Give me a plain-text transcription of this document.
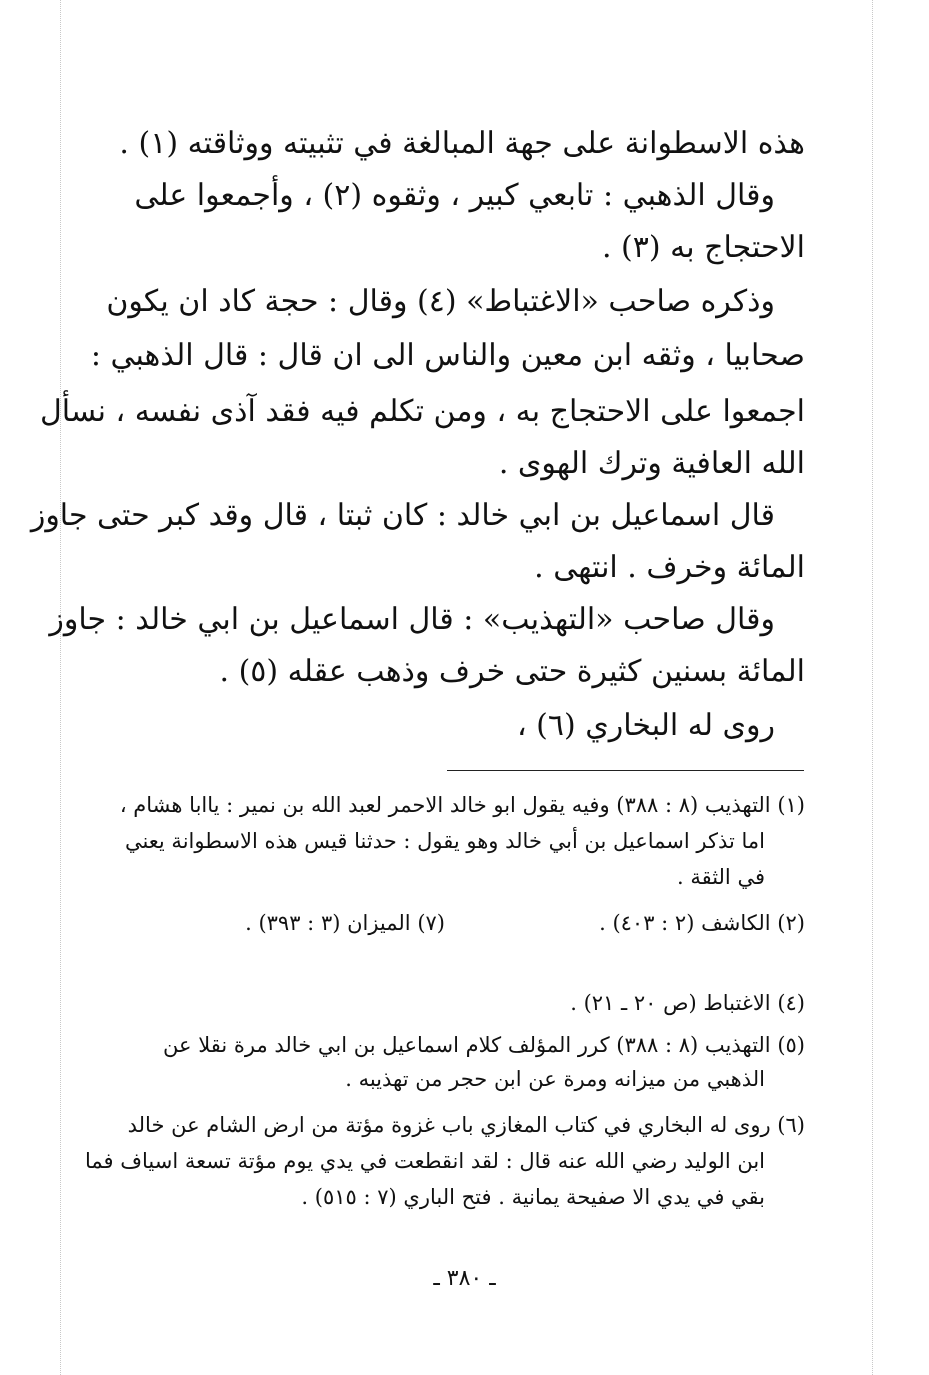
هذه الاسطوانة على جهة المبالغة في تثبيته ووثاقته (١) .
وقال الذهبي : تابعي كبير ، وثقوه (٢) ، وأجمعوا على
الاحتجاج به (٣) .
وذكره صاحب «الاغتباط» (٤) وقال : حجة كاد ان يكون
صحابيا ، وثقه ابن معين والناس الى ان قال : قال الذهبي :
اجمعوا على الاحتجاج به ، ومن تكلم فيه فقد آذى نفسه ، نسأل
الله العافية وترك الهوى .
قال اسماعيل بن ابي خالد : كان ثبتا ، قال وقد كبر حتى جاوز
المائة وخرف . انتهى .
وقال صاحب «التهذيب» : قال اسماعيل بن ابي خالد : جاوز
المائة بسنين كثيرة حتى خرف وذهب عقله (٥) .
روى له البخاري (٦) ،
(١) التهذيب (٨ : ٣٨٨) وفيه يقول ابو خالد الاحمر لعبد الله بن نمير : ياابا هشام ،
اما تذكر اسماعيل بن أبي خالد وهو يقول : حدثنا قيس هذه الاسطوانة يعني
في الثقة .
(٢) الكاشف (٢ : ٤٠٣) .
(٧) الميزان (٣ : ٣٩٣) .
(٤) الاغتباط (ص ٢٠ ـ ٢١) .
(٥) التهذيب (٨ : ٣٨٨) كرر المؤلف كلام اسماعيل بن ابي خالد مرة نقلا عن
الذهبي من ميزانه ومرة عن ابن حجر من تهذيبه .
(٦) روى له البخاري في كتاب المغازي باب غزوة مؤتة من ارض الشام عن خالد
ابن الوليد رضي الله عنه قال : لقد انقطعت في يدي يوم مؤتة تسعة اسياف فما
بقي في يدي الا صفيحة يمانية . فتح الباري (٧ : ٥١٥) .
ـ ٣٨٠ ـ
